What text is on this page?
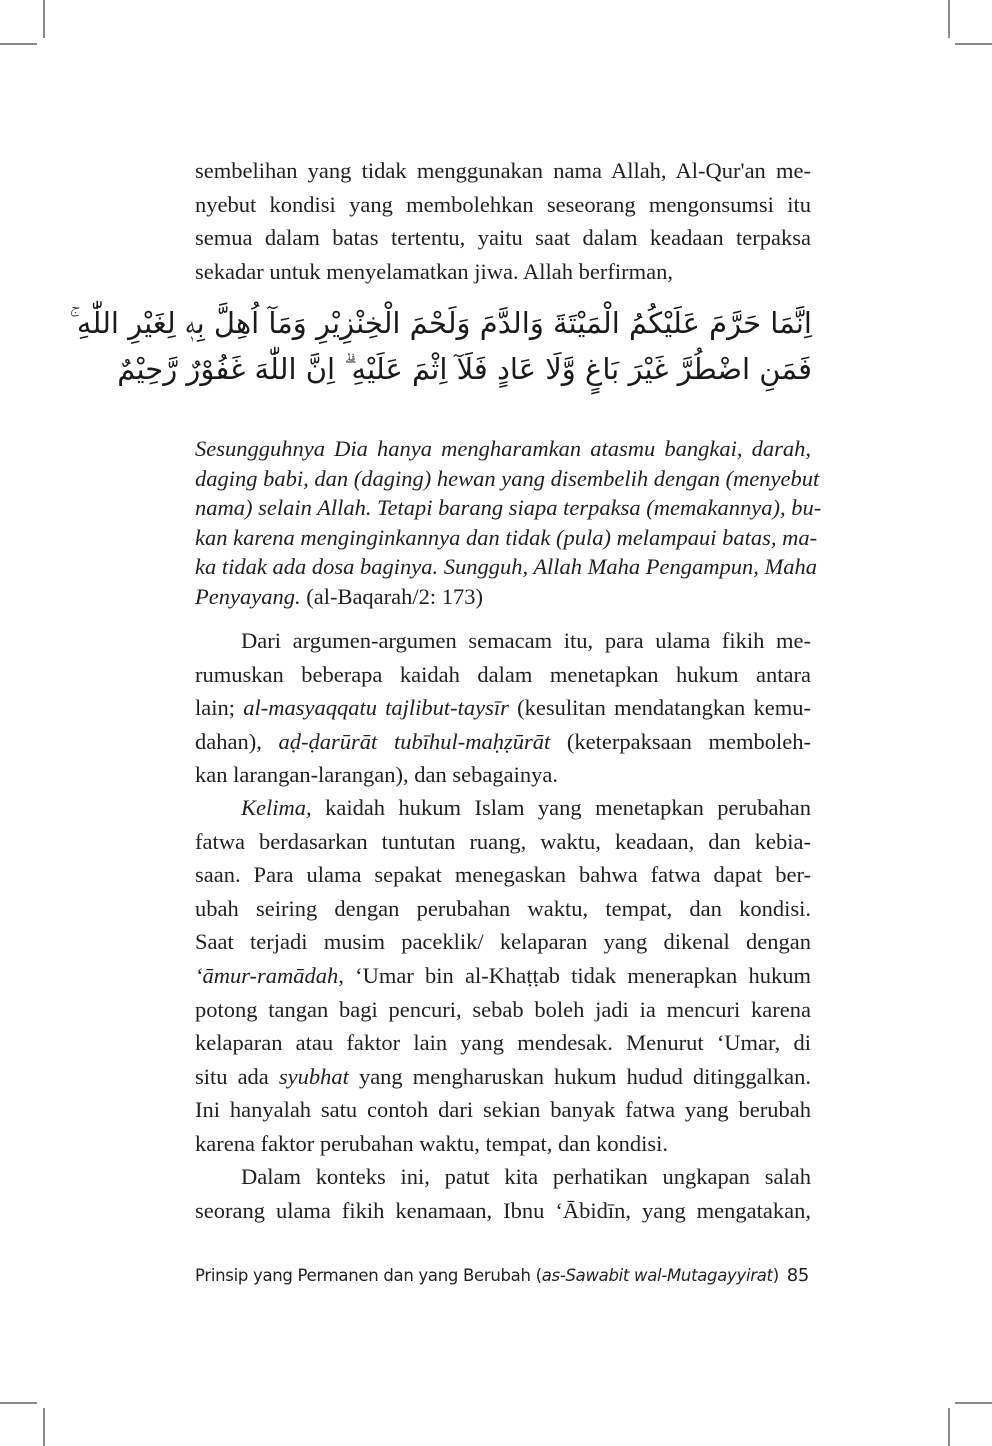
sembelihan yang tidak menggunakan nama Allah, Al-Qur'an me-
nyebut kondisi yang membolehkan seseorang mengonsumsi itu
semua dalam batas tertentu, yaitu saat dalam keadaan terpaksa
sekadar untuk menyelamatkan jiwa. Allah berfirman,
اِنَّمَا حَرَّمَ عَلَيْكُمُ الْمَيْتَةَ وَالدَّمَ وَلَحْمَ الْخِنْزِيْرِ وَمَآ اُهِلَّ بِهٖ لِغَيْرِ اللّٰهِ ۚ
فَمَنِ اضْطُرَّ غَيْرَ بَاغٍ وَّلَا عَادٍ فَلَآ اِثْمَ عَلَيْهِ ۗ اِنَّ اللّٰهَ غَفُوْرٌ رَّحِيْمٌ
Sesungguhnya Dia hanya mengharamkan atasmu bangkai, darah,
daging babi, dan (daging) hewan yang disembelih dengan (menyebut
nama) selain Allah. Tetapi barang siapa terpaksa (memakannya), bu-
kan karena menginginkannya dan tidak (pula) melampaui batas, ma-
ka tidak ada dosa baginya. Sungguh, Allah Maha Pengampun, Maha
Penyayang. (al-Baqarah/2: 173)
Dari argumen-argumen semacam itu, para ulama fikih me-
rumuskan beberapa kaidah dalam menetapkan hukum antara
lain; al-masyaqqatu tajlibut-taysīr (kesulitan mendatangkan kemu-
dahan), aḍ-ḍarūrāt tubīhul-maḥẓūrāt (keterpaksaan memboleh-
kan larangan-larangan), dan sebagainya.
Kelima, kaidah hukum Islam yang menetapkan perubahan
fatwa berdasarkan tuntutan ruang, waktu, keadaan, dan kebia-
saan. Para ulama sepakat menegaskan bahwa fatwa dapat ber-
ubah seiring dengan perubahan waktu, tempat, dan kondisi.
Saat terjadi musim paceklik/ kelaparan yang dikenal dengan
‘āmur-ramādah, ‘Umar bin al-Khaṭṭab tidak menerapkan hukum
potong tangan bagi pencuri, sebab boleh jadi ia mencuri karena
kelaparan atau faktor lain yang mendesak. Menurut ‘Umar, di
situ ada syubhat yang mengharuskan hukum hudud ditinggalkan.
Ini hanyalah satu contoh dari sekian banyak fatwa yang berubah
karena faktor perubahan waktu, tempat, dan kondisi.
Dalam konteks ini, patut kita perhatikan ungkapan salah
seorang ulama fikih kenamaan, Ibnu ‘Ābidīn, yang mengatakan,
Prinsip yang Permanen dan yang Berubah (as-Sawabit wal-Mutagayyirat) 85
